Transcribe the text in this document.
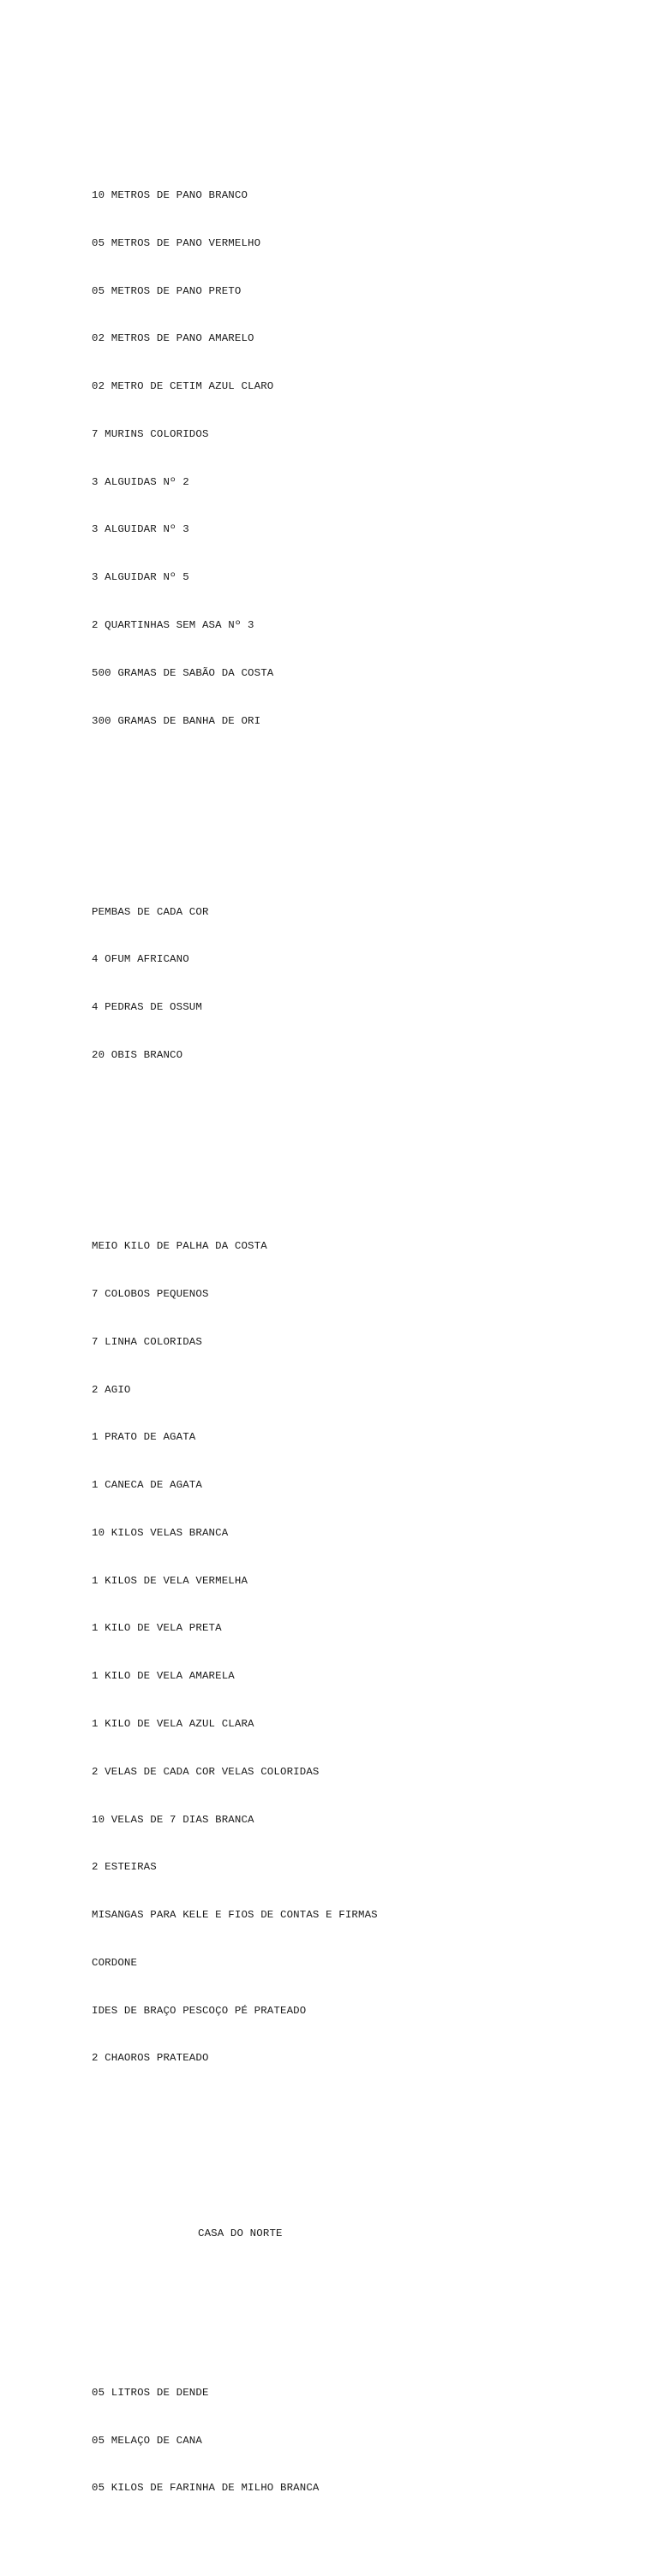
10 METROS DE PANO BRANCO

05 METROS DE PANO VERMELHO

05 METROS DE PANO PRETO

02 METROS DE PANO AMARELO

02 METRO DE CETIM AZUL CLARO

7 MURINS COLORIDOS

3 ALGUIDAS Nº 2

3 ALGUIDAR Nº 3

3 ALGUIDAR Nº 5

2 QUARTINHAS SEM ASA Nº 3

500 GRAMAS DE SABÃO DA COSTA

300 GRAMAS DE BANHA DE ORI

PEMBAS DE CADA COR

4 OFUM AFRICANO

4 PEDRAS DE OSSUM

20 OBIS BRANCO

MEIO KILO DE PALHA DA COSTA

7 COLOBOS PEQUENOS

7 LINHA COLORIDAS

2 AGIO

1 PRATO DE AGATA

1 CANECA DE AGATA

10 KILOS VELAS BRANCA

1 KILOS DE VELA VERMELHA

1 KILO DE VELA PRETA

1 KILO DE VELA AMARELA

1 KILO DE VELA AZUL CLARA

2 VELAS DE CADA COR VELAS COLORIDAS

10 VELAS DE 7 DIAS BRANCA

2 ESTEIRAS

MISANGAS PARA KELE E FIOS DE CONTAS E FIRMAS

CORDONE

IDES DE BRAÇO PESCOÇO PÉ PRATEADO

2 CHAOROS PRATEADO

CASA DO NORTE

05 LITROS DE DENDE

05 MELAÇO DE CANA

05 KILOS DE FARINHA DE MILHO BRANCA
